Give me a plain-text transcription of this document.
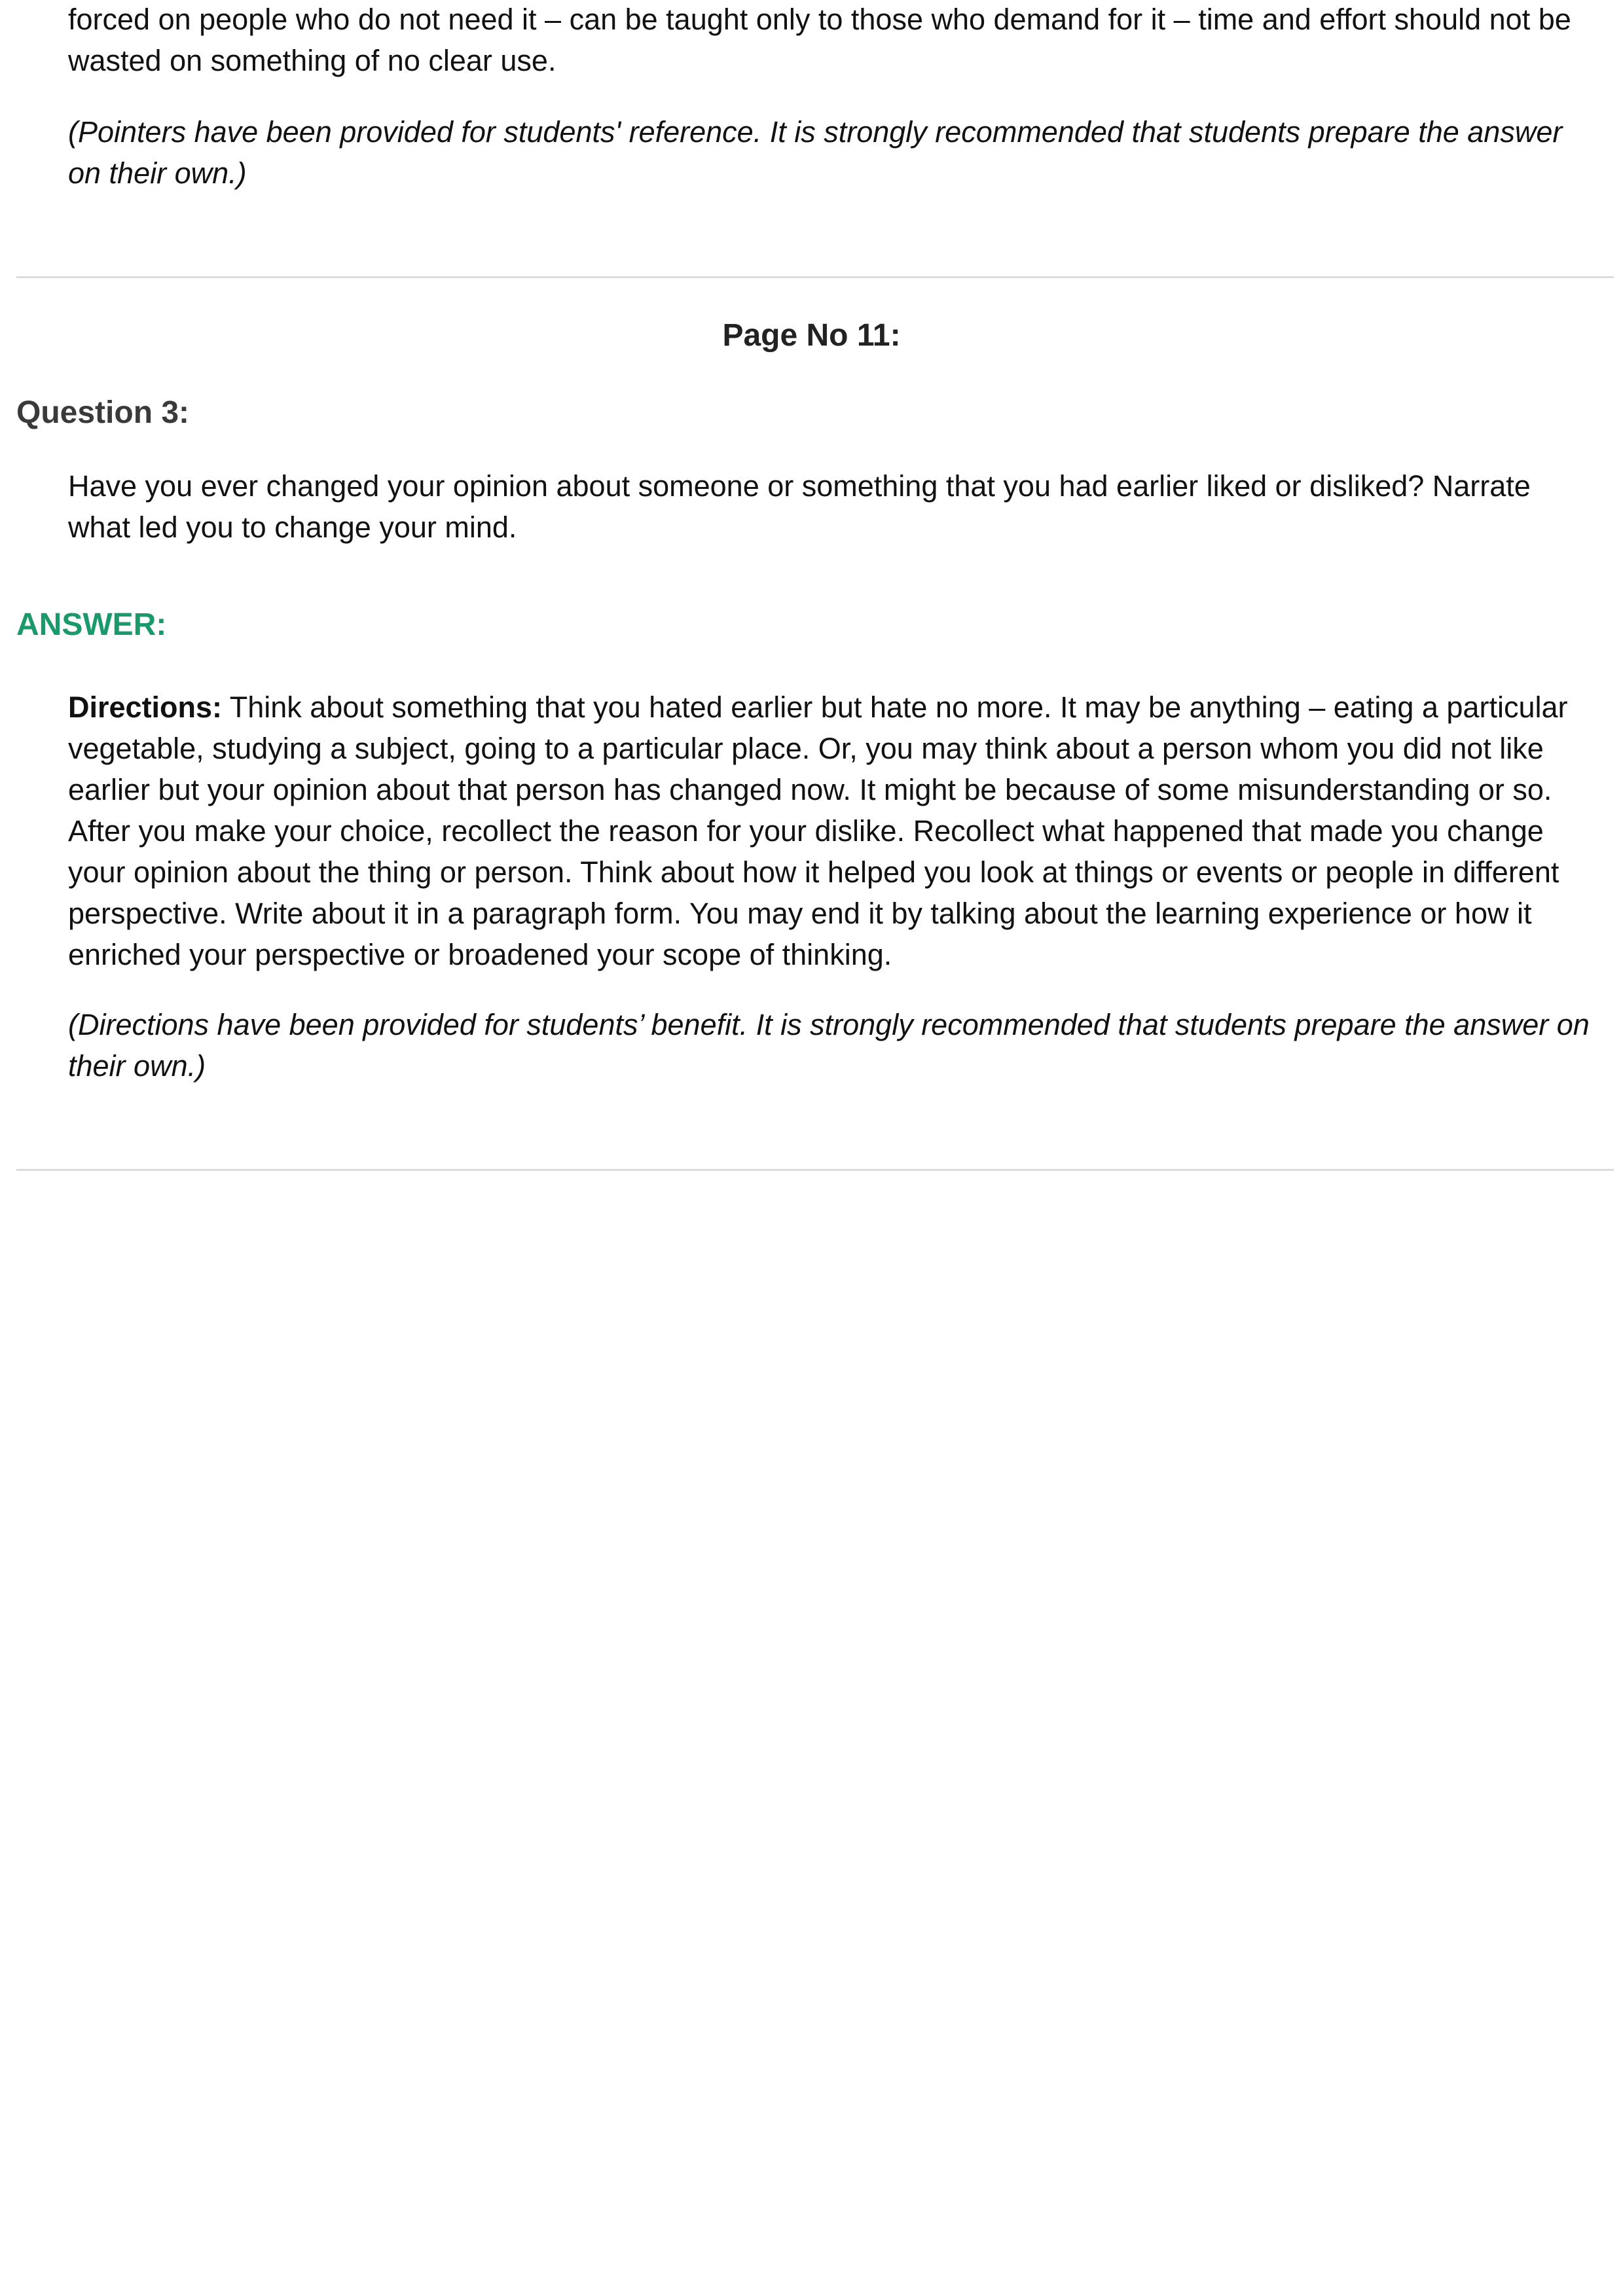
forced on people who do not need it – can be taught only to those who demand for it – time and effort should not be wasted on something of no clear use.

(Pointers have been provided for students' reference. It is strongly recommended that students prepare the answer on their own.)

Page No 11:

Question 3:

Have you ever changed your opinion about someone or something that you had earlier liked or disliked? Narrate what led you to change your mind.

ANSWER:

Directions: Think about something that you hated earlier but hate no more. It may be anything – eating a particular vegetable, studying a subject, going to a particular place. Or, you may think about a person whom you did not like earlier but your opinion about that person has changed now. It might be because of some misunderstanding or so. After you make your choice, recollect the reason for your dislike. Recollect what happened that made you change your opinion about the thing or person. Think about how it helped you look at things or events or people in different perspective. Write about it in a paragraph form. You may end it by talking about the learning experience or how it enriched your perspective or broadened your scope of thinking.

(Directions have been provided for students’ benefit. It is strongly recommended that students prepare the answer on their own.)
